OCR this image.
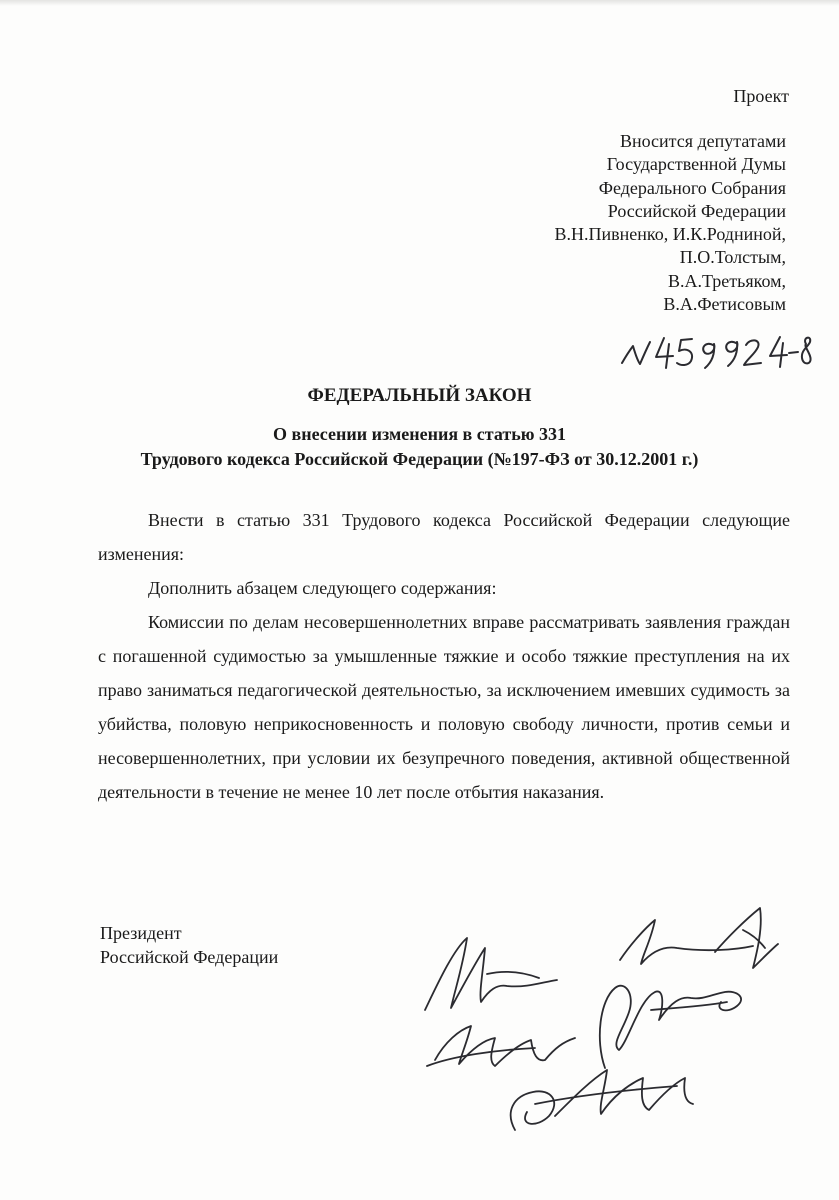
Проект
Вносится депутатами
Государственной Думы
Федерального Собрания
Российской Федерации
В.Н.Пивненко, И.К.Родниной,
П.О.Толстым,
В.А.Третьяком,
В.А.Фетисовым
ФЕДЕРАЛЬНЫЙ ЗАКОН
О внесении изменения в статью 331
Трудового кодекса Российской Федерации (№197-ФЗ от 30.12.2001 г.)

Внести в статью 331 Трудового кодекса Российской Федерации следующие изменения:

Дополнить абзацем следующего содержания:

Комиссии по делам несовершеннолетних вправе рассматривать заявления граждан с погашенной судимостью за умышленные тяжкие и особо тяжкие преступления на их право заниматься педагогической деятельностью, за исключением имевших судимость за убийства, половую неприкосновенность и половую свободу личности, против семьи и несовершеннолетних, при условии их безупречного поведения, активной общественной деятельности в течение не менее 10 лет после отбытия наказания.

Президент
Российской Федерации
